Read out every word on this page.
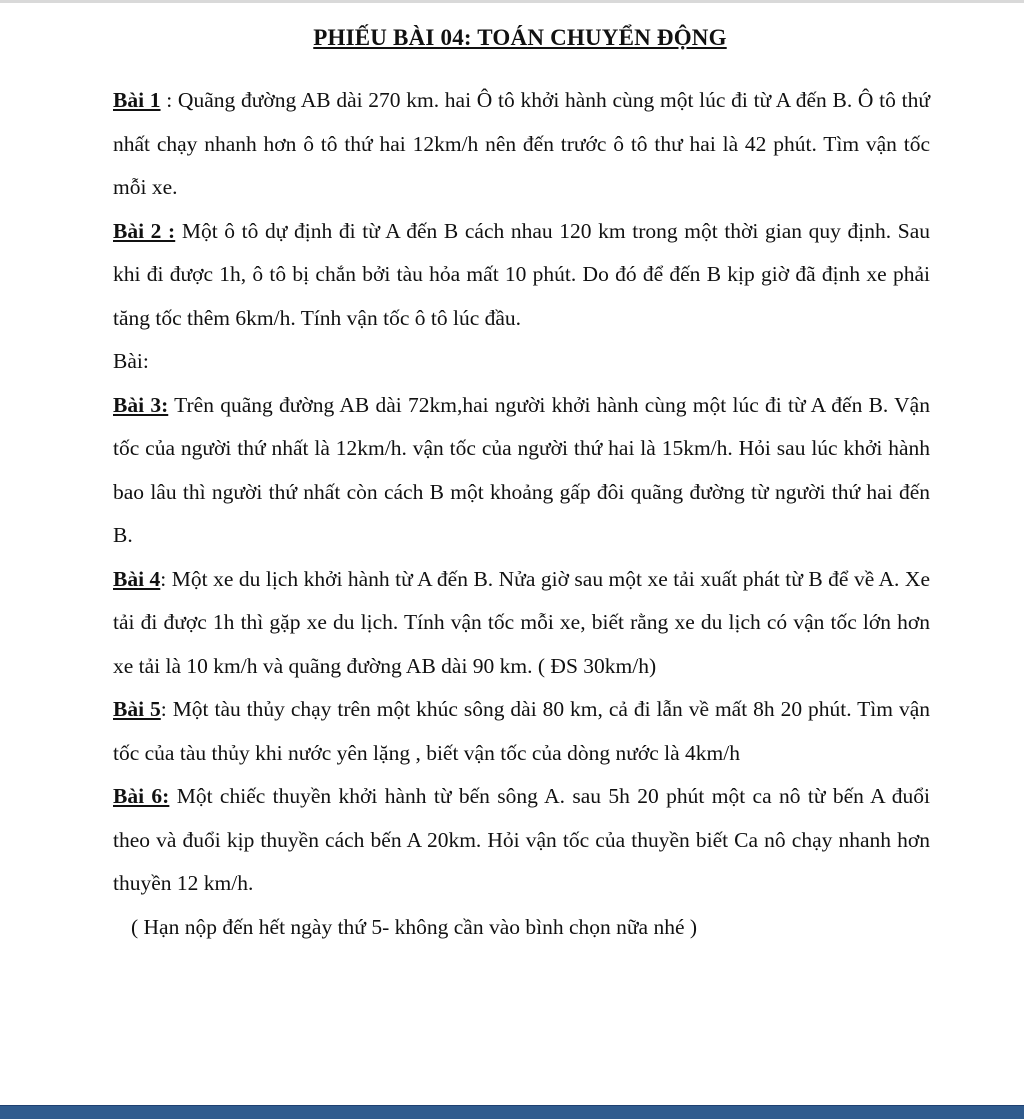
PHIẾU BÀI 04: TOÁN CHUYỂN ĐỘNG

Bài 1 : Quãng đường AB dài 270 km. hai Ô tô khởi hành cùng một lúc đi từ A đến B. Ô tô thứ nhất chạy nhanh hơn ô tô thứ hai 12km/h nên đến trước ô tô thư hai là 42 phút. Tìm vận tốc mỗi xe.

Bài 2 : Một ô tô dự định đi từ A đến B cách nhau 120 km trong một thời gian quy định. Sau khi đi được 1h, ô tô bị chắn bởi tàu hỏa mất 10 phút. Do đó để đến B kịp giờ đã định xe phải tăng tốc thêm 6km/h. Tính vận tốc ô tô lúc đầu.

Bài:

Bài 3: Trên quãng đường AB dài 72km,hai người khởi hành cùng một lúc đi từ A đến B. Vận tốc của người thứ nhất là 12km/h. vận tốc của người thứ hai là 15km/h. Hỏi sau lúc khởi hành bao lâu thì người thứ nhất còn cách B một khoảng gấp đôi quãng đường từ người thứ hai đến B.

Bài 4: Một xe du lịch khởi hành từ A đến B. Nửa giờ sau một xe tải xuất phát từ B để về A. Xe tải đi được 1h thì gặp xe du lịch. Tính vận tốc mỗi xe, biết rằng xe du lịch có vận tốc lớn hơn xe tải là 10 km/h và quãng đường AB dài 90 km. ( ĐS 30km/h)

Bài 5: Một tàu thủy chạy trên một khúc sông dài 80 km, cả đi lẫn về mất 8h 20 phút. Tìm vận tốc của tàu thủy khi nước yên lặng , biết vận tốc của dòng nước là 4km/h

Bài 6: Một chiếc thuyền khởi hành từ bến sông A. sau 5h 20 phút một ca nô từ bến A đuổi theo và đuổi kịp thuyền cách bến A 20km. Hỏi vận tốc của thuyền biết Ca nô chạy nhanh hơn thuyền 12 km/h.

( Hạn nộp đến hết ngày thứ 5- không cần vào bình chọn nữa nhé )
